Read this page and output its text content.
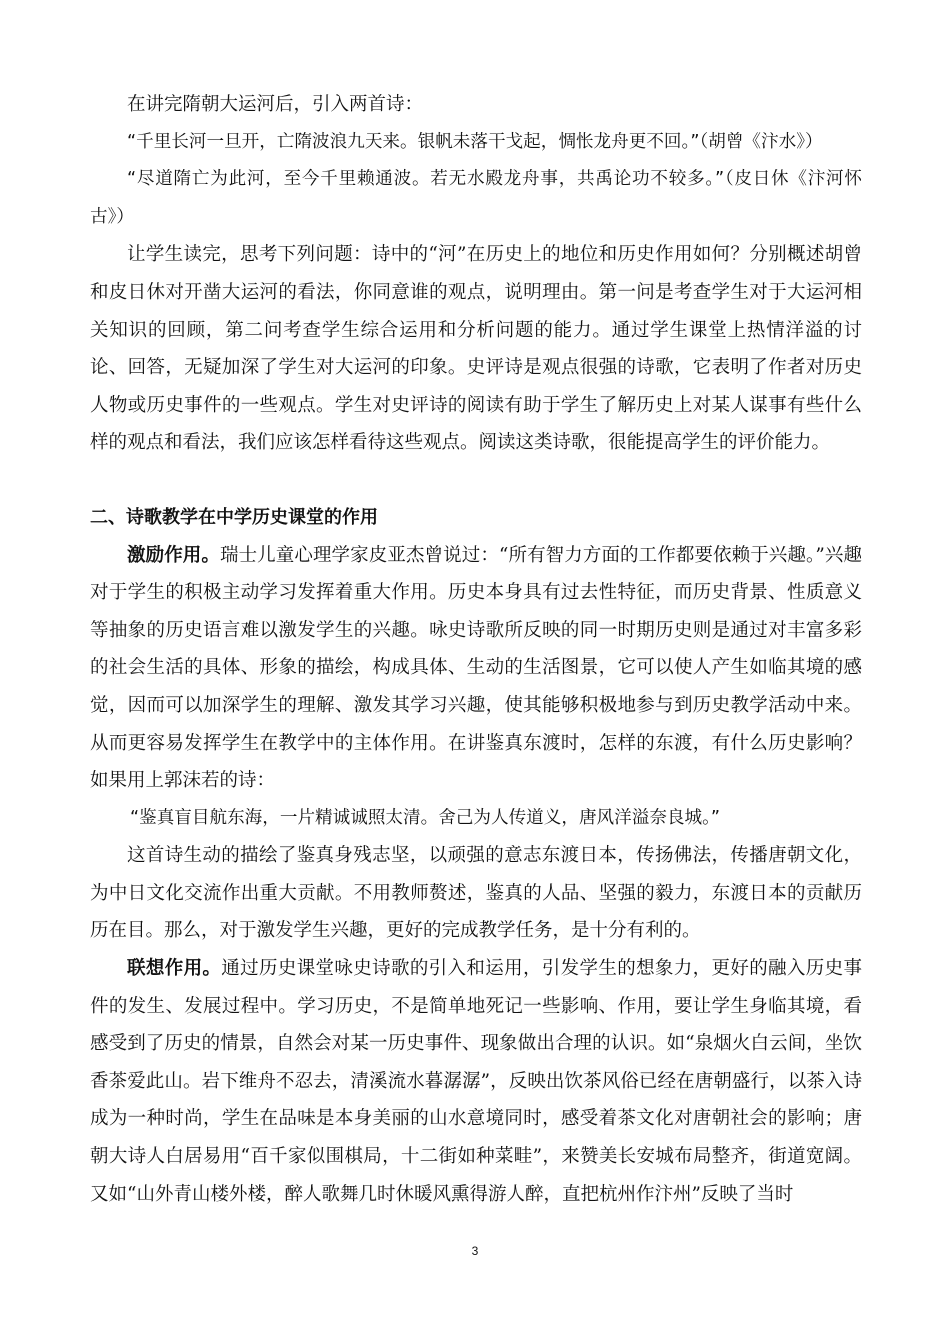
在讲完隋朝大运河后，引入两首诗：

“千里长河一旦开，亡隋波浪九天来。银帆未落干戈起，惆怅龙舟更不回。”（胡曾《汴水》）

“尽道隋亡为此河，至今千里赖通波。若无水殿龙舟事，共禹论功不较多。”（皮日休《汴河怀古》）

让学生读完，思考下列问题：诗中的“河”在历史上的地位和历史作用如何？分别概述胡曾和皮日休对开凿大运河的看法，你同意谁的观点，说明理由。第一问是考查学生对于大运河相关知识的回顾，第二问考查学生综合运用和分析问题的能力。通过学生课堂上热情洋溢的讨论、回答，无疑加深了学生对大运河的印象。史评诗是观点很强的诗歌，它表明了作者对历史人物或历史事件的一些观点。学生对史评诗的阅读有助于学生了解历史上对某人谋事有些什么样的观点和看法，我们应该怎样看待这些观点。阅读这类诗歌，很能提高学生的评价能力。

二、诗歌教学在中学历史课堂的作用

激励作用。瑞士儿童心理学家皮亚杰曾说过：“所有智力方面的工作都要依赖于兴趣。”兴趣对于学生的积极主动学习发挥着重大作用。历史本身具有过去性特征，而历史背景、性质意义等抽象的历史语言难以激发学生的兴趣。咏史诗歌所反映的同一时期历史则是通过对丰富多彩的社会生活的具体、形象的描绘，构成具体、生动的生活图景，它可以使人产生如临其境的感觉，因而可以加深学生的理解、激发其学习兴趣，使其能够积极地参与到历史教学活动中来。从而更容易发挥学生在教学中的主体作用。在讲鉴真东渡时，怎样的东渡，有什么历史影响？如果用上郭沫若的诗：

“鉴真盲目航东海，一片精诚诚照太清。舍己为人传道义，唐风洋溢奈良城。”

这首诗生动的描绘了鉴真身残志坚，以顽强的意志东渡日本，传扬佛法，传播唐朝文化，为中日文化交流作出重大贡献。不用教师赘述，鉴真的人品、坚强的毅力，东渡日本的贡献历历在目。那么，对于激发学生兴趣，更好的完成教学任务，是十分有利的。

联想作用。通过历史课堂咏史诗歌的引入和运用，引发学生的想象力，更好的融入历史事件的发生、发展过程中。学习历史，不是简单地死记一些影响、作用，要让学生身临其境，看感受到了历史的情景，自然会对某一历史事件、现象做出合理的认识。如“泉烟火白云间，坐饮香茶爱此山。岩下维舟不忍去，清溪流水暮潺潺”，反映出饮茶风俗已经在唐朝盛行，以茶入诗成为一种时尚，学生在品味是本身美丽的山水意境同时，感受着茶文化对唐朝社会的影响；唐朝大诗人白居易用“百千家似围棋局，十二街如种菜畦”，来赞美长安城布局整齐，街道宽阔。又如“山外青山楼外楼，醉人歌舞几时休暖风熏得游人醉，直把杭州作汴州”反映了当时

3
